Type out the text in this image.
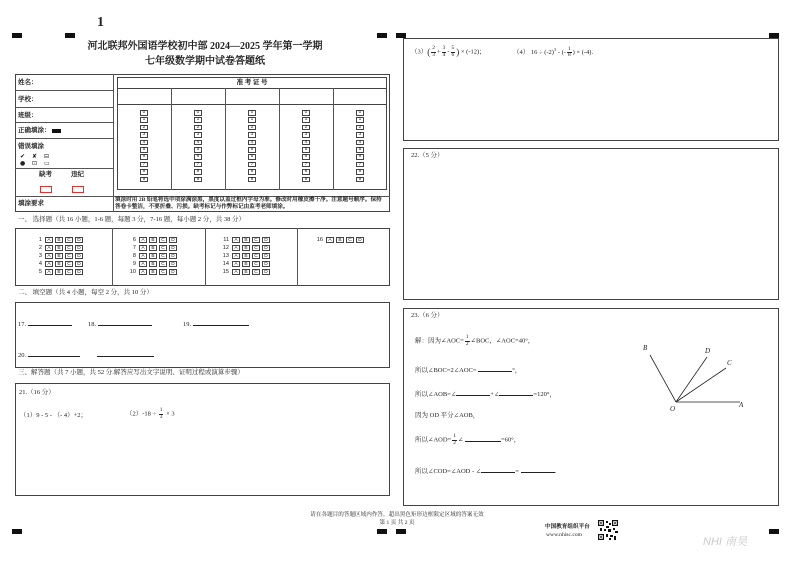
1
河北联邦外国语学校初中部 2024—2025 学年第一学期
七年级数学期中试卷答题纸
姓名：
学校：
班级：
正确填涂：
错误填涂
✔ ✘ ⊟
● ⊡ ▭
缺考	违纪
准 考 证 号
0
1
2
3
4
5
6
7
8
9
0
1
2
3
4
5
6
7
8
9
0
1
2
3
4
5
6
7
8
9
0
1
2
3
4
5
6
7
8
9
0
1
2
3
4
5
6
7
8
9
填涂要求	填涂时用 2B 铅笔将选中项涂满涂黑，黑度以盖过框内字母为准。修改时用橡皮擦干净。注意题号顺序。保持答卷卡整洁，不要折叠、污损。缺考标记与作弊标记由监考老师填涂。
一、 选择题（共 16 小题，1-6 题，每题 3 分，7-16 题，每小题 2 分，共 38 分）
1	A	B	C	D
2	A	B	C	D
3	A	B	C	D
4	A	B	C	D
5	A	B	C	D
6	A	B	C	D
7	A	B	C	D
8	A	B	C	D
9	A	B	C	D
10	A	B	C	D
11	A	B	C	D
12	A	B	C	D
13	A	B	C	D
14	A	B	C	D
15	A	B	C	D
16	A	B	C	D
二、 填空题（共 4 小题，每空 2 分，共 10 分）
17.	18.	19.
20.
三、解答题（共 7 小题，共 52 分.解答应写出文字说明、证明过程或演算步骤）
21.（16 分）
（1）9 - 5 - （- 4）+2；	$(2)-18 \div \frac{1}{3} \times 3$
$(3)( \frac{2}{3} + \frac{3}{4} - \frac{5}{6}$ ) × (-12)；	（4） $16 \div (-2)^3$ - (- $\frac{1}{8}$ ) × (-4).
22.（5 分）
23.（6 分）
解：因为∠AOC= $\frac{1}{2}$ ∠BOC，∠AOC=40°，
所以∠BOC=2∠AOC=	°，
所以∠AOB=∠	+∠	=120°，
因为 OD 平分∠AOB，
所以∠AOD= $\frac{1}{2}$ ∠	=60°，
所以∠COD=∠AOD - ∠	=	.
B	D
C
O	A
请在各题目的答题区域内作答，超出黑色矩形边框限定区域的答案无效
第 1 页 共 2 页
中国教育组织平台
www.nhisc.com
NHI 南昊
